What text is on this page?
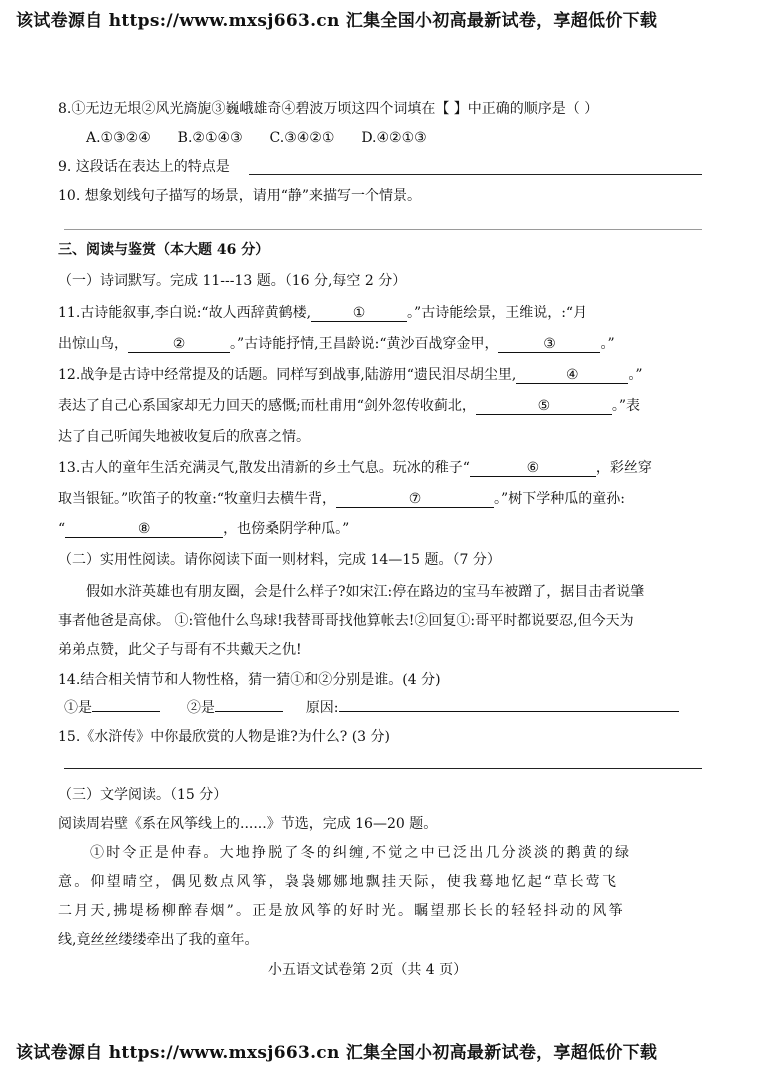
该试卷源自 https://www.mxsj663.cn 汇集全国小初高最新试卷，享超低价下载
8.①无边无垠②风光旖旎③巍峨雄奇④碧波万顷这四个词填在【 】中正确的顺序是（ ）
A.①③②④ B.②①④③ C.③④②① D.④②①③
9. 这段话在表达上的特点是
10. 想象划线句子描写的场景，请用“静”来描写一个情景。
三、阅读与鉴赏（本大题 46 分）
（一）诗词默写。完成 11---13 题。（16 分,每空 2 分）
11.古诗能叙事,李白说:“故人西辞黄鹤楼,	①	。”古诗能绘景，王维说，:“月
出惊山鸟，	②	。”古诗能抒情,王昌龄说:“黄沙百战穿金甲，	③	。”
12.战争是古诗中经常提及的话题。同样写到战事,陆游用“遗民泪尽胡尘里,	④	。”
表达了自己心系国家却无力回天的感慨;而杜甫用“剑外忽传收蓟北，	⑤	。”表
达了自己听闻失地被收复后的欣喜之情。
13.古人的童年生活充满灵气,散发出清新的乡土气息。玩冰的稚子“	⑥	，彩丝穿
取当银钲。”吹笛子的牧童:“牧童归去横牛背，	⑦	。”树下学种瓜的童孙:
“	⑧	，也傍桑阴学种瓜。”
（二）实用性阅读。请你阅读下面一则材料，完成 14—15 题。（7 分）
假如水浒英雄也有朋友圈，会是什么样子?如宋江:停在路边的宝马车被蹭了，据目击者说肇
事者他爸是高俅。 ①:管他什么鸟球!我替哥哥找他算帐去!②回复①:哥平时都说要忍,但今天为
弟弟点赞，此父子与哥有不共戴天之仇!
14.结合相关情节和人物性格，猜一猜①和②分别是谁。(4 分)
①是	②是	原因:
15.《水浒传》中你最欣赏的人物是谁?为什么? (3 分)
（三）文学阅读。（15 分）
阅读周岩壁《系在风筝线上的......》节选，完成 16—20 题。
①时令正是仲春。大地挣脱了冬的纠缠,不觉之中已泛出几分淡淡的鹅黄的绿
意。仰望晴空，偶见数点风筝，袅袅娜娜地飘挂天际，使我蓦地忆起“草长莺飞
二月天,拂堤杨柳醉春烟”。正是放风筝的好时光。瞩望那长长的轻轻抖动的风筝
线,竟丝丝缕缕牵出了我的童年。
小五语文试卷第 2页（共 4 页）
该试卷源自 https://www.mxsj663.cn 汇集全国小初高最新试卷，享超低价下载
